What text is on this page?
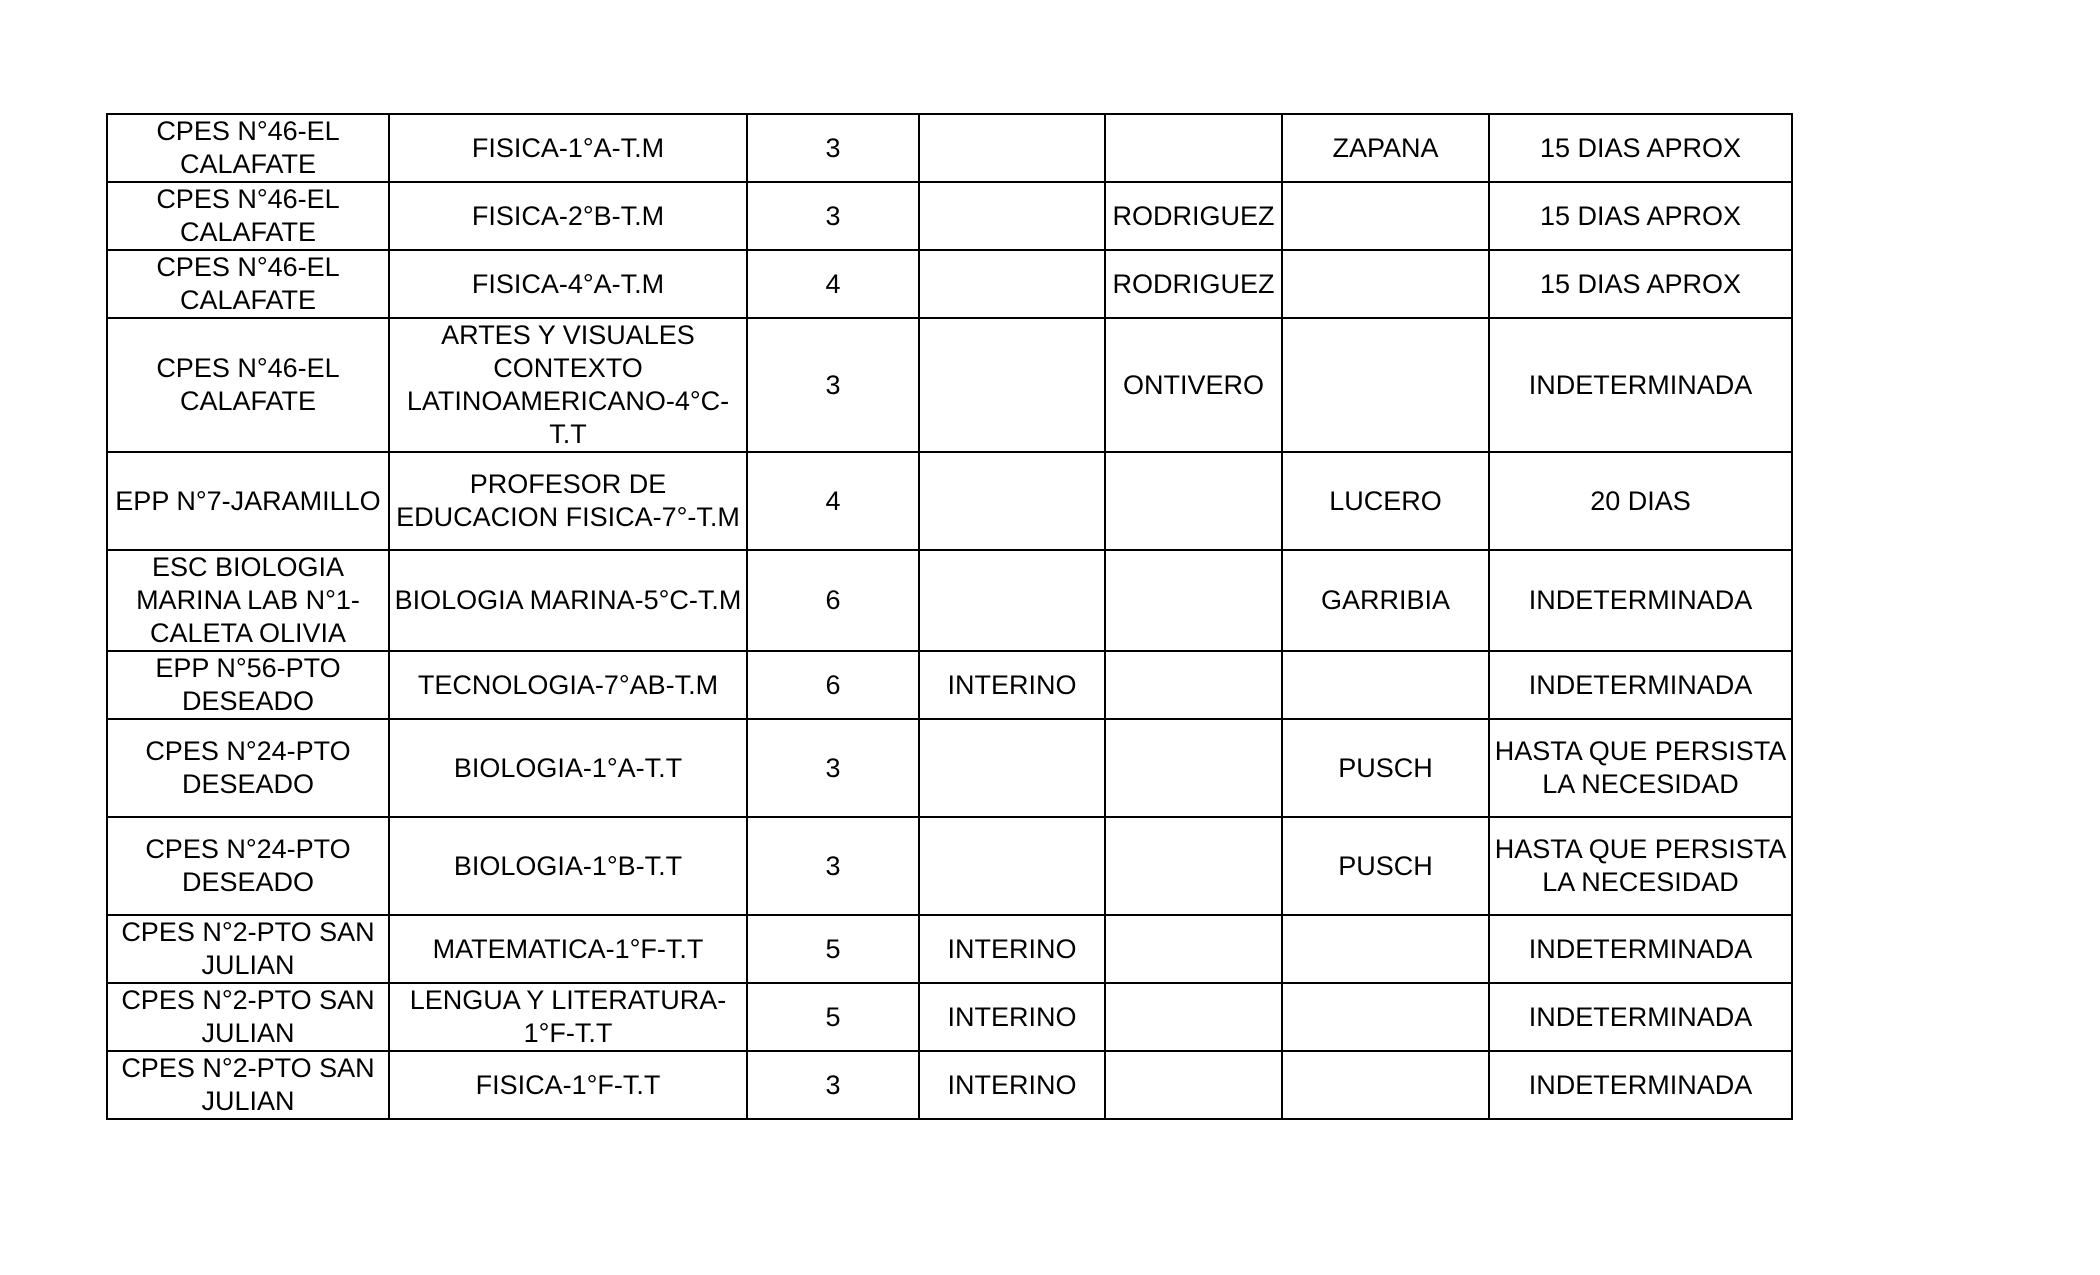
CPES N°46-EL CALAFATE	FISICA-1°A-T.M	3			ZAPANA	15 DIAS APROX
CPES N°46-EL CALAFATE	FISICA-2°B-T.M	3		RODRIGUEZ		15 DIAS APROX
CPES N°46-EL CALAFATE	FISICA-4°A-T.M	4		RODRIGUEZ		15 DIAS APROX
CPES N°46-EL CALAFATE	ARTES Y VISUALES CONTEXTO LATINOAMERICANO-4°C-T.T	3		ONTIVERO		INDETERMINADA
EPP N°7-JARAMILLO	PROFESOR DE EDUCACION FISICA-7°-T.M	4			LUCERO	20 DIAS
ESC BIOLOGIA MARINA LAB N°1-CALETA OLIVIA	BIOLOGIA MARINA-5°C-T.M	6			GARRIBIA	INDETERMINADA
EPP N°56-PTO DESEADO	TECNOLOGIA-7°AB-T.M	6	INTERINO			INDETERMINADA
CPES N°24-PTO DESEADO	BIOLOGIA-1°A-T.T	3			PUSCH	HASTA QUE PERSISTA LA NECESIDAD
CPES N°24-PTO DESEADO	BIOLOGIA-1°B-T.T	3			PUSCH	HASTA QUE PERSISTA LA NECESIDAD
CPES N°2-PTO SAN JULIAN	MATEMATICA-1°F-T.T	5	INTERINO			INDETERMINADA
CPES N°2-PTO SAN JULIAN	LENGUA Y LITERATURA-1°F-T.T	5	INTERINO			INDETERMINADA
CPES N°2-PTO SAN JULIAN	FISICA-1°F-T.T	3	INTERINO			INDETERMINADA
